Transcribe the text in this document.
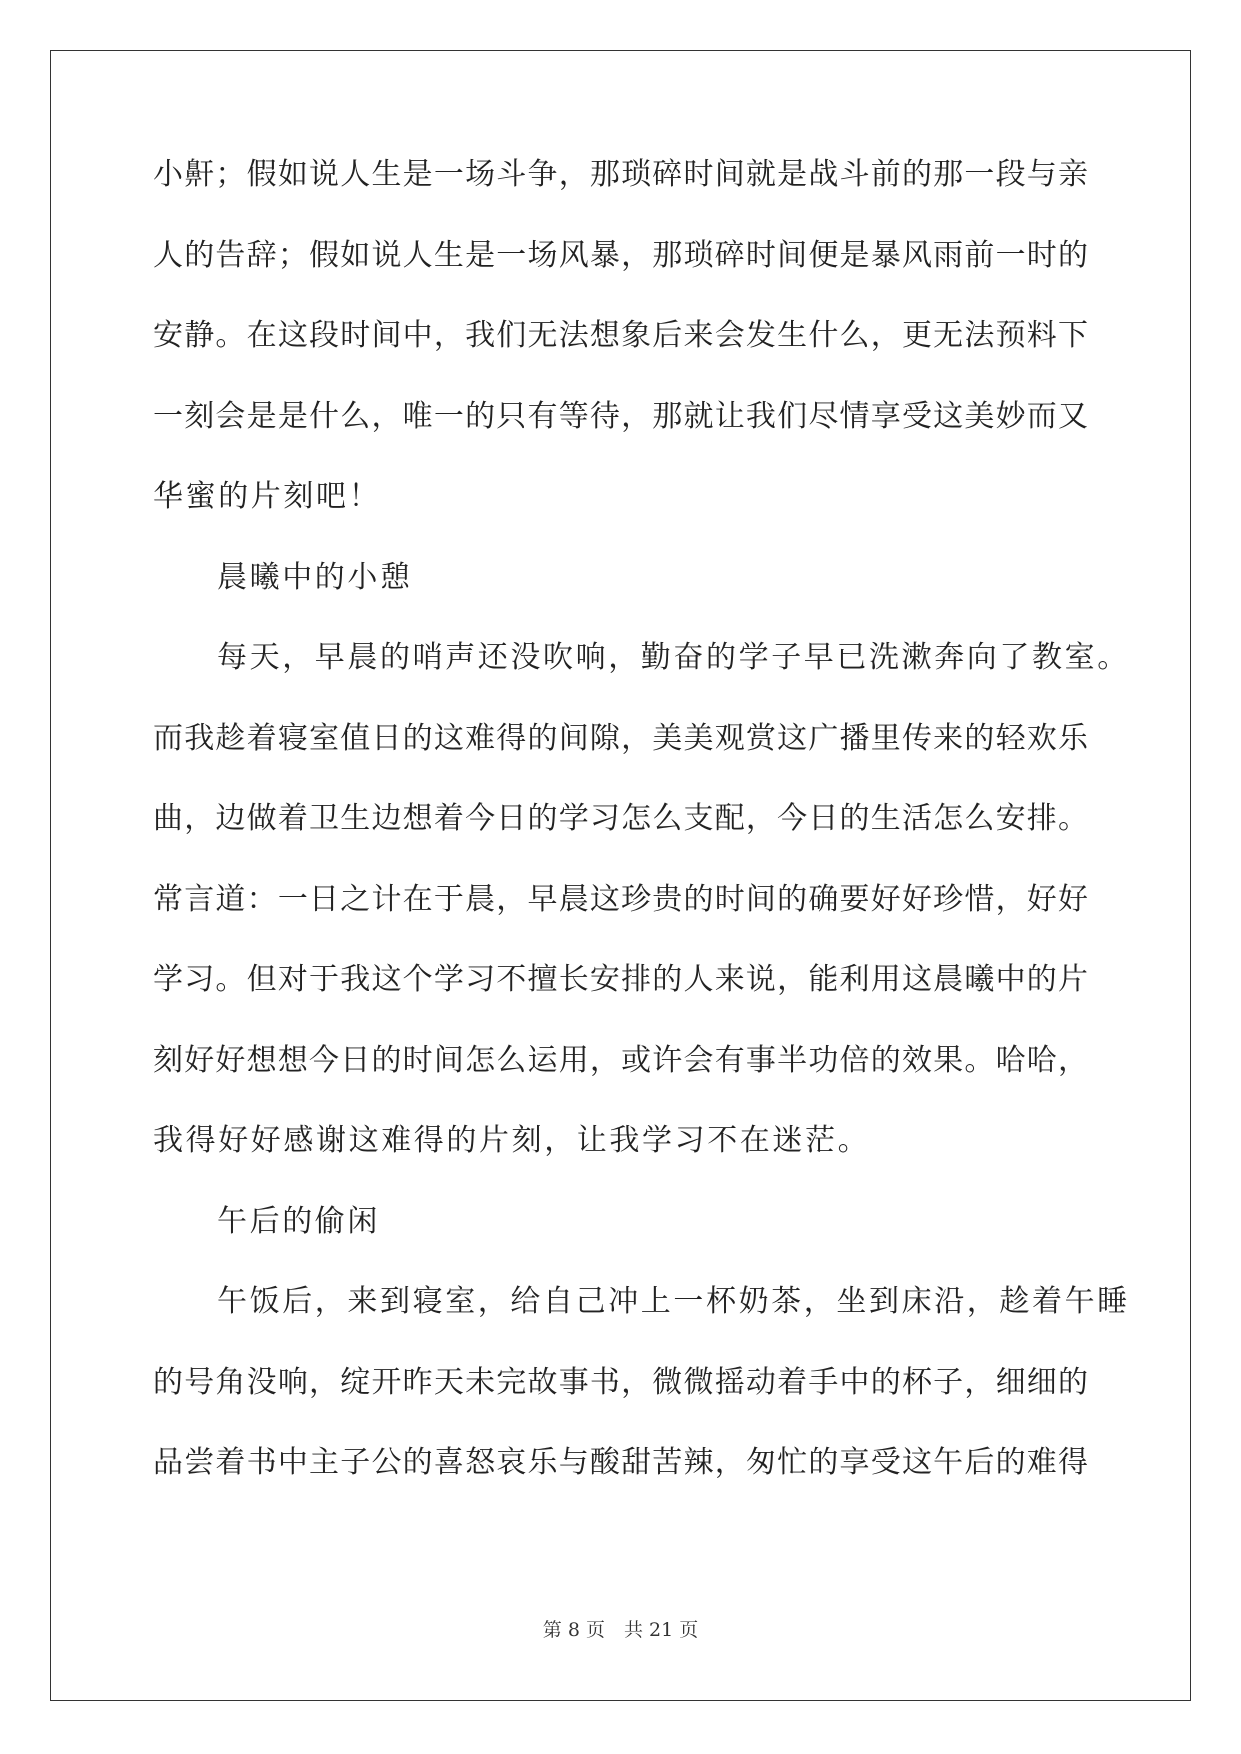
小鼾；假如说人生是一场斗争，那琐碎时间就是战斗前的那一段与亲
人的告辞；假如说人生是一场风暴，那琐碎时间便是暴风雨前一时的
安静。在这段时间中，我们无法想象后来会发生什么，更无法预料下
一刻会是是什么，唯一的只有等待，那就让我们尽情享受这美妙而又
华蜜的片刻吧！
晨曦中的小憩
每天，早晨的哨声还没吹响，勤奋的学子早已洗漱奔向了教室。
而我趁着寝室值日的这难得的间隙，美美观赏这广播里传来的轻欢乐
曲，边做着卫生边想着今日的学习怎么支配，今日的生活怎么安排。
常言道：一日之计在于晨，早晨这珍贵的时间的确要好好珍惜，好好
学习。但对于我这个学习不擅长安排的人来说，能利用这晨曦中的片
刻好好想想今日的时间怎么运用，或许会有事半功倍的效果。哈哈，
我得好好感谢这难得的片刻，让我学习不在迷茫。
午后的偷闲
午饭后，来到寝室，给自己冲上一杯奶茶，坐到床沿，趁着午睡
的号角没响，绽开昨天未完故事书，微微摇动着手中的杯子，细细的
品尝着书中主子公的喜怒哀乐与酸甜苦辣，匆忙的享受这午后的难得
第 8 页　共 21 页
